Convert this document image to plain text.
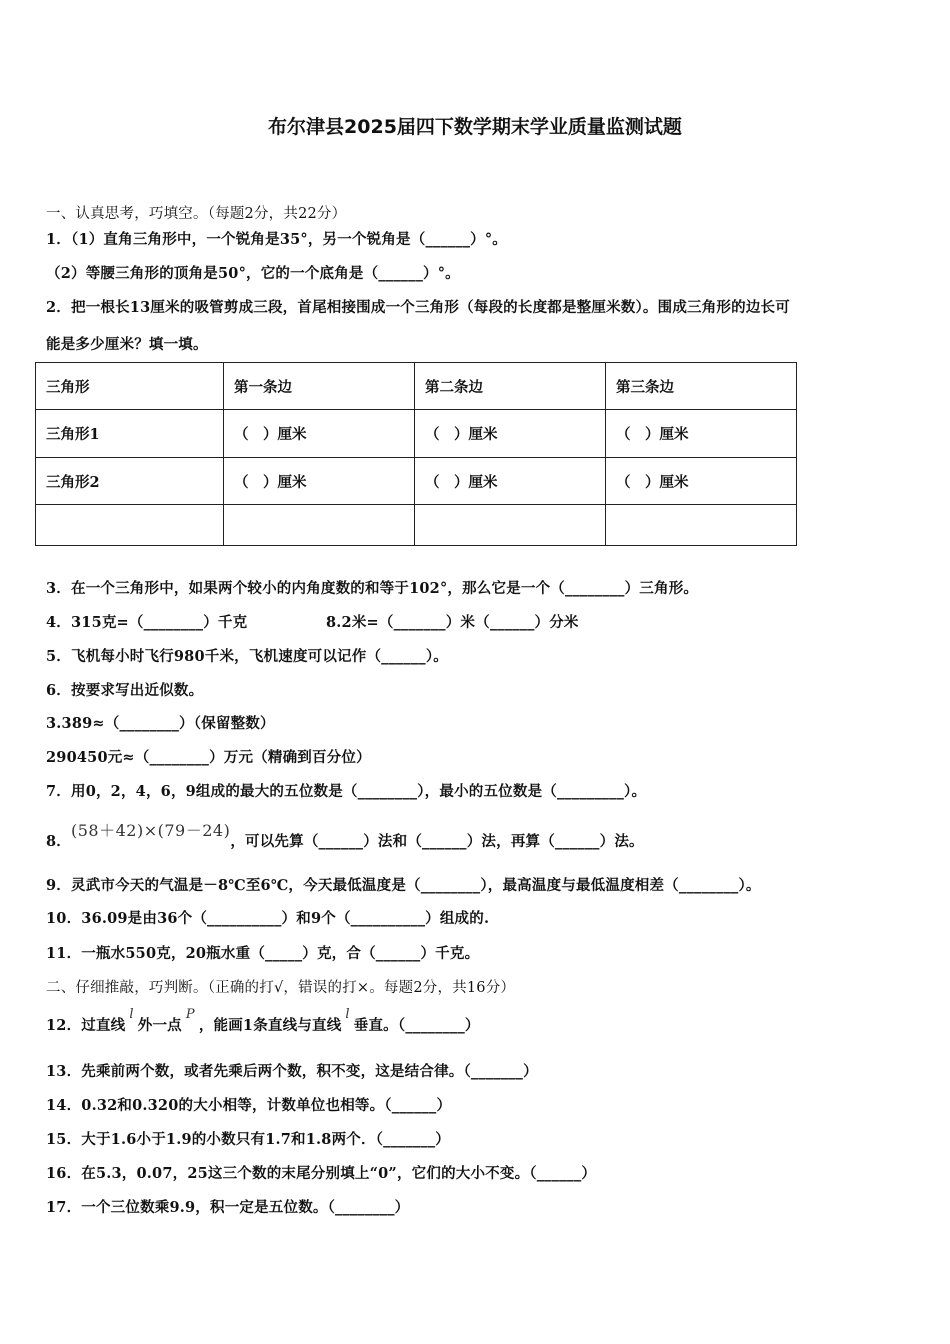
布尔津县2025届四下数学期末学业质量监测试题
一、认真思考，巧填空。（每题2分，共22分）
1．（1）直角三角形中，一个锐角是35°，另一个锐角是（______）°。
（2）等腰三角形的顶角是50°，它的一个底角是（______）°。
2．把一根长13厘米的吸管剪成三段，首尾相接围成一个三角形（每段的长度都是整厘米数）。围成三角形的边长可
能是多少厘米？填一填。
三角形	第一条边	第二条边	第三条边
三角形1	（　）厘米	（　）厘米	（　）厘米
三角形2	（　）厘米	（　）厘米	（　）厘米

3．在一个三角形中，如果两个较小的内角度数的和等于102°，那么它是一个（________）三角形。
4．315克=（________）千克	8.2米=（_______）米（______）分米
5．飞机每小时飞行980千米，飞机速度可以记作（______）。
6．按要求写出近似数。
3.389≈（________）（保留整数）
290450元≈（________）万元（精确到百分位）
7．用0，2，4，6，9组成的最大的五位数是（________），最小的五位数是（_________）。
8．(58＋42)×(79－24)，可以先算（______）法和（______）法，再算（______）法。
9．灵武市今天的气温是－8℃至6℃，今天最低温度是（________），最高温度与最低温度相差（________）。
10．36.09是由36个（__________）和9个（__________）组成的.
11．一瓶水550克，20瓶水重（_____）克，合（______）千克。
二、仔细推敲，巧判断。（正确的打√，错误的打×。每题2分，共16分）
12．过直线l外一点P，能画1条直线与直线l垂直。（________）
13．先乘前两个数，或者先乘后两个数，积不变，这是结合律。（_______）
14．0.32和0.320的大小相等，计数单位也相等。（______）
15．大于1.6小于1.9的小数只有1.7和1.8两个．（_______）
16．在5.3，0.07，25这三个数的末尾分别填上“0”，它们的大小不变。（______）
17．一个三位数乘9.9，积一定是五位数。（________）
